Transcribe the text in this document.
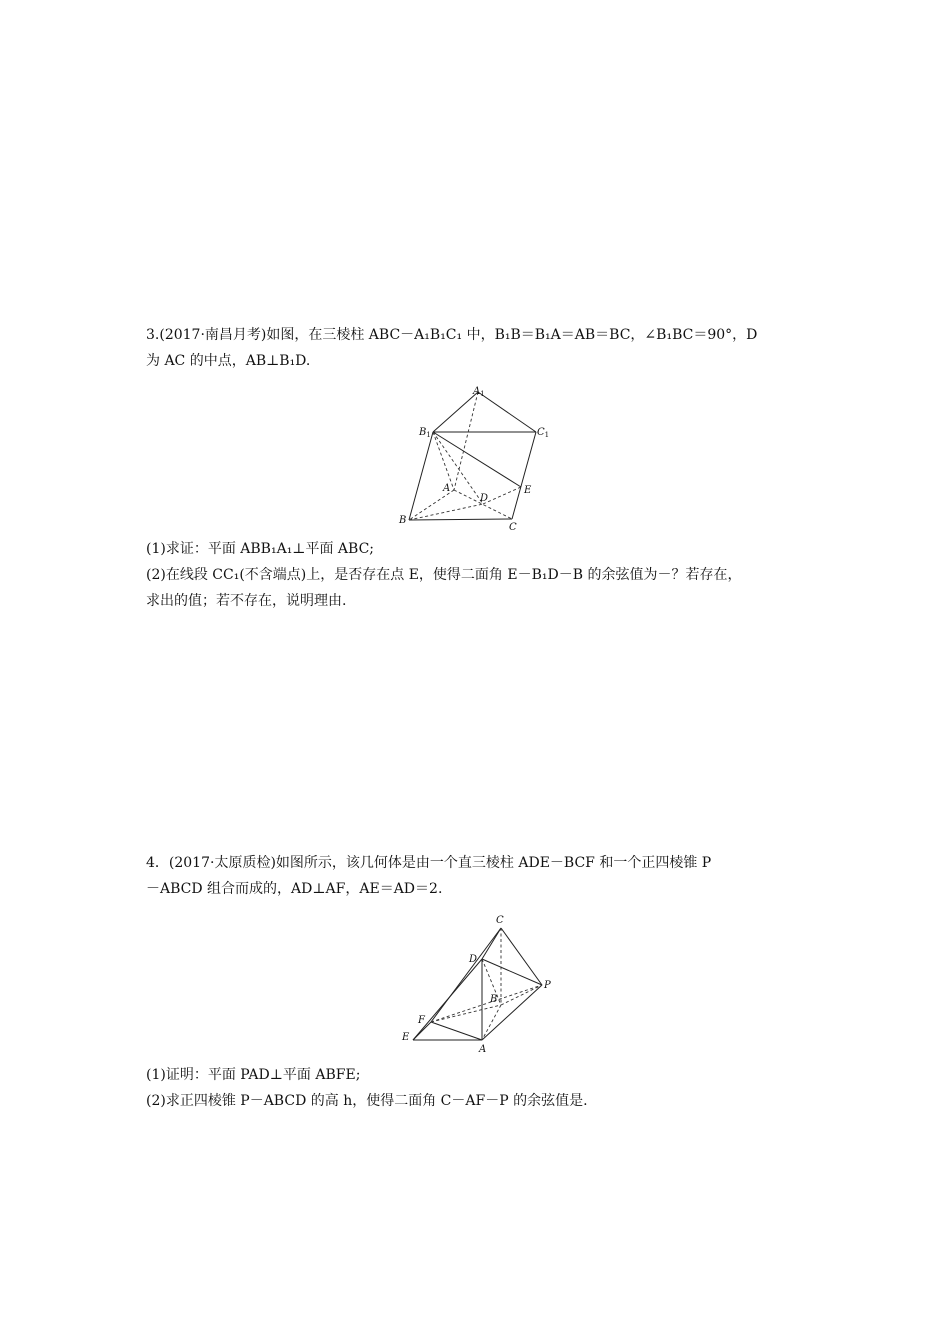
3.(2017·南昌月考)如图，在三棱柱 ABC－A₁B₁C₁ 中，B₁B＝B₁A＝AB＝BC，∠B₁BC＝90°，D
为 AC 的中点，AB⊥B₁D.
$A_1$
$B_1$	$C_1$
A
D
E
B
C
(1)求证：平面 ABB₁A₁⊥平面 ABC;
(2)在线段 CC₁(不含端点)上，是否存在点 E，使得二面角 E－B₁D－B 的余弦值为－？若存在，
求出的值；若不存在，说明理由.
4．(2017·太原质检)如图所示，该几何体是由一个直三棱柱 ADE－BCF 和一个正四棱锥 P
－ABCD 组合而成的，AD⊥AF，AE＝AD＝2.
C
D
P
F
B
E
A
(1)证明：平面 PAD⊥平面 ABFE;
(2)求正四棱锥 P－ABCD 的高 h，使得二面角 C－AF－P 的余弦值是.
